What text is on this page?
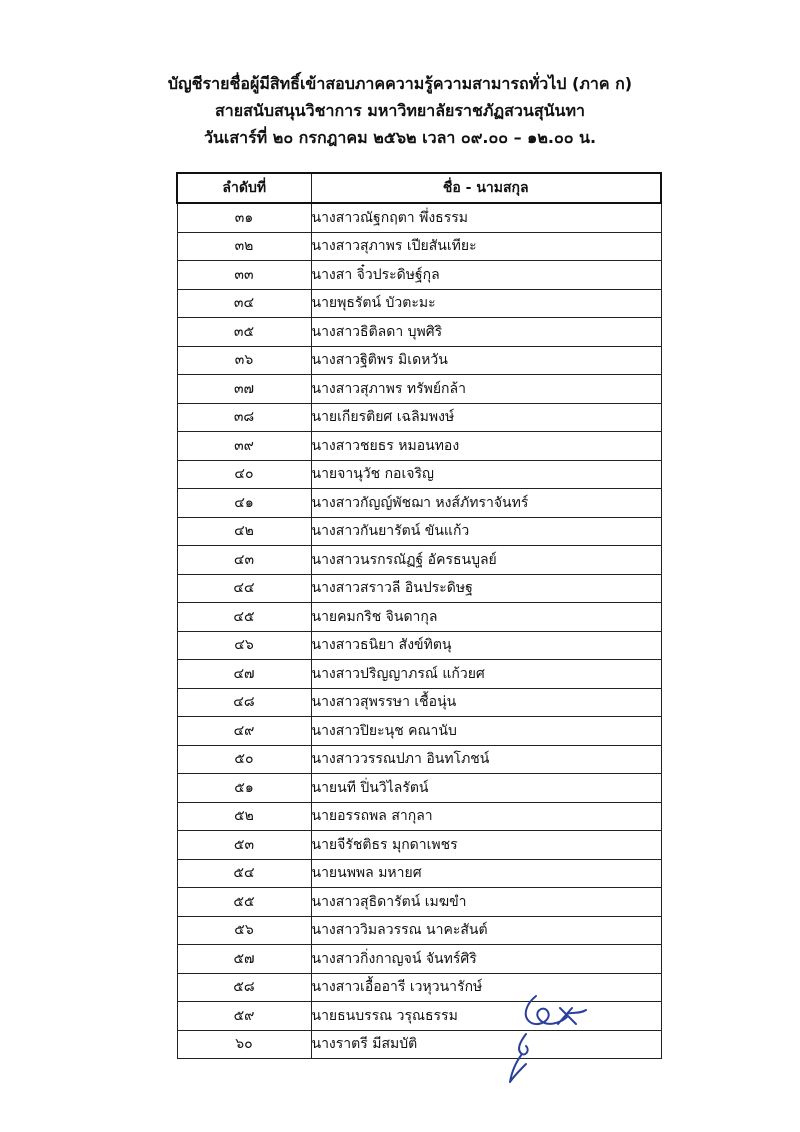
บัญชีรายชื่อผู้มีสิทธิ์เข้าสอบภาคความรู้ความสามารถทั่วไป (ภาค ก)
สายสนับสนุนวิชาการ มหาวิทยาลัยราชภัฏสวนสุนันทา
วันเสาร์ที่ ๒๐ กรกฎาคม ๒๕๖๒ เวลา ๐๙.๐๐ – ๑๒.๐๐ น.
ลำดับที่	ชื่อ - นามสกุล
๓๑	นางสาวณัฐกฤตา พึ่งธรรม
๓๒	นางสาวสุภาพร เปียสันเทียะ
๓๓	นางสา จิ๋วประดิษฐ์กุล
๓๔	นายพุธรัตน์ บัวตะมะ
๓๕	นางสาวธิติลดา บุพศิริ
๓๖	นางสาวฐิติพร มิเดหวัน
๓๗	นางสาวสุภาพร ทรัพย์กล้า
๓๘	นายเกียรติยศ เฉลิมพงษ์
๓๙	นางสาวชยธร หมอนทอง
๔๐	นายจานุวัช กอเจริญ
๔๑	นางสาวกัญญ์พัชฌา หงส์ภัทราจันทร์
๔๒	นางสาวกันยารัตน์ ขันแก้ว
๔๓	นางสาวนรกรณัฏฐ์ อัครธนบูลย์
๔๔	นางสาวสราวลี อินประดิษฐ
๔๕	นายคมกริช จินดากุล
๔๖	นางสาวธนิยา สังข์ทิตนุ
๔๗	นางสาวปริญญาภรณ์ แก้วยศ
๔๘	นางสาวสุพรรษา เชื้อนุ่น
๔๙	นางสาวปิยะนุช คณานับ
๕๐	นางสาววรรณปภา อินทโภชน์
๕๑	นายนที ปิ่นวิไลรัตน์
๕๒	นายอรรถพล สากุลา
๕๓	นายจีรัชติธร มุกดาเพชร
๕๔	นายนพพล มหายศ
๕๕	นางสาวสุธิดารัตน์ เมฆขำ
๕๖	นางสาววิมลวรรณ นาคะสันต์
๕๗	นางสาวกิ่งกาญจน์ จันทร์ศิริ
๕๘	นางสาวเอื้ออารี เวหุวนารักษ์
๕๙	นายธนบรรณ วรุณธรรม
๖๐	นางราตรี มีสมบัติ
